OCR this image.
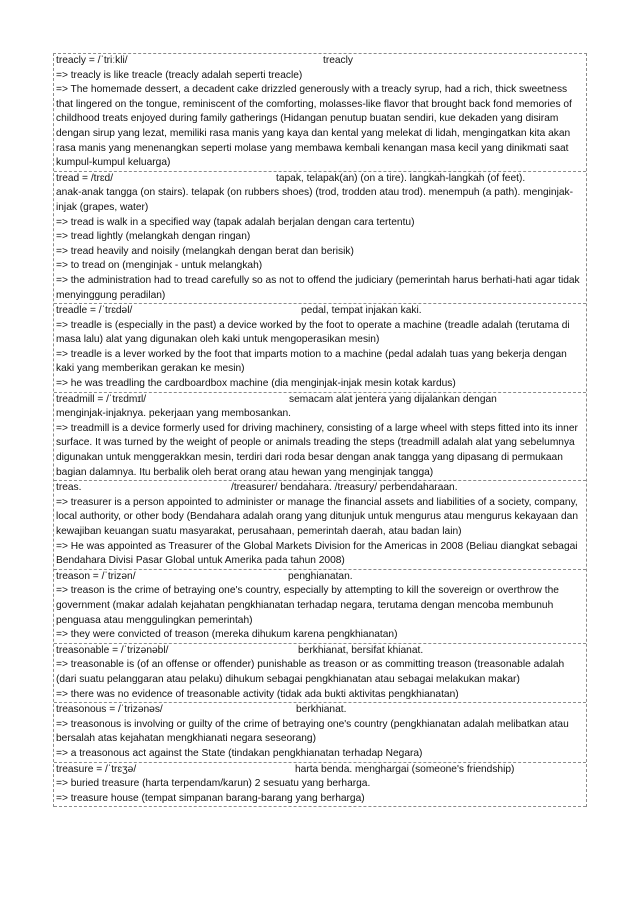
treacly = /ˈtriːkli/	treacly
=> treacly is like treacle (treacly adalah seperti treacle)
=> The homemade dessert, a decadent cake drizzled generously with a treacly syrup, had a rich, thick sweetness that lingered on the tongue, reminiscent of the comforting, molasses-like flavor that brought back fond memories of childhood treats enjoyed during family gatherings (Hidangan penutup buatan sendiri, kue dekaden yang disiram dengan sirup yang lezat, memiliki rasa manis yang kaya dan kental yang melekat di lidah, mengingatkan kita akan rasa manis yang menenangkan seperti molase yang membawa kembali kenangan masa kecil yang dinikmati saat kumpul-kumpul keluarga)
tread = /trɛd/	tapak, telapak(an) (on a tire). langkah-langkah (of feet).
anak-anak tangga (on stairs). telapak (on rubbers shoes) (trod, trodden atau trod). menempuh (a path). menginjak-injak (grapes, water)
=> tread is walk in a specified way (tapak adalah berjalan dengan cara tertentu)
=> tread lightly (melangkah dengan ringan)
=> tread heavily and noisily (melangkah dengan berat dan berisik)
=> to tread on (menginjak - untuk melangkah)
=> the administration had to tread carefully so as not to offend the judiciary (pemerintah harus berhati-hati agar tidak menyinggung peradilan)
treadle = /ˈtrɛdəl/	pedal, tempat injakan kaki.
=> treadle is (especially in the past) a device worked by the foot to operate a machine (treadle adalah (terutama di masa lalu) alat yang digunakan oleh kaki untuk mengoperasikan mesin)
=> treadle is a lever worked by the foot that imparts motion to a machine (pedal adalah tuas yang bekerja dengan kaki yang memberikan gerakan ke mesin)
=> he was treadling the cardboardbox machine (dia menginjak-injak mesin kotak kardus)
treadmill = /ˈtrɛdmɪl/	semacam alat jentera yang dijalankan dengan
menginjak-injaknya. pekerjaan yang membosankan.
=> treadmill is a device formerly used for driving machinery, consisting of a large wheel with steps fitted into its inner surface. It was turned by the weight of people or animals treading the steps (treadmill adalah alat yang sebelumnya digunakan untuk menggerakkan mesin, terdiri dari roda besar dengan anak tangga yang dipasang di permukaan bagian dalamnya. Itu berbalik oleh berat orang atau hewan yang menginjak tangga)
treas.	/treasurer/ bendahara. /treasury/ perbendaharaan.
=> treasurer is a person appointed to administer or manage the financial assets and liabilities of a society, company, local authority, or other body (Bendahara adalah orang yang ditunjuk untuk mengurus atau mengurus kekayaan dan kewajiban keuangan suatu masyarakat, perusahaan, pemerintah daerah, atau badan lain)
=> He was appointed as Treasurer of the Global Markets Division for the Americas in 2008 (Beliau diangkat sebagai Bendahara Divisi Pasar Global untuk Amerika pada tahun 2008)
treason = /ˈtrizən/	penghianatan.
=> treason is the crime of betraying one's country, especially by attempting to kill the sovereign or overthrow the government (makar adalah kejahatan pengkhianatan terhadap negara, terutama dengan mencoba membunuh penguasa atau menggulingkan pemerintah)
=> they were convicted of treason (mereka dihukum karena pengkhianatan)
treasonable = /ˈtrizənəbl/	berkhianat, bersifat khianat.
=> treasonable is (of an offense or offender) punishable as treason or as committing treason (treasonable adalah (dari suatu pelanggaran atau pelaku) dihukum sebagai pengkhianatan atau sebagai melakukan makar)
=> there was no evidence of treasonable activity (tidak ada bukti aktivitas pengkhianatan)
treasonous = /ˈtrizənəs/	berkhianat.
=> treasonous is involving or guilty of the crime of betraying one's country (pengkhianatan adalah melibatkan atau bersalah atas kejahatan mengkhianati negara seseorang)
=> a treasonous act against the State (tindakan pengkhianatan terhadap Negara)
treasure = /ˈtrɛʒə/	harta benda. menghargai (someone's friendship)
=> buried treasure (harta terpendam/karun) 2 sesuatu yang berharga.
=> treasure house (tempat simpanan barang-barang yang berharga)
